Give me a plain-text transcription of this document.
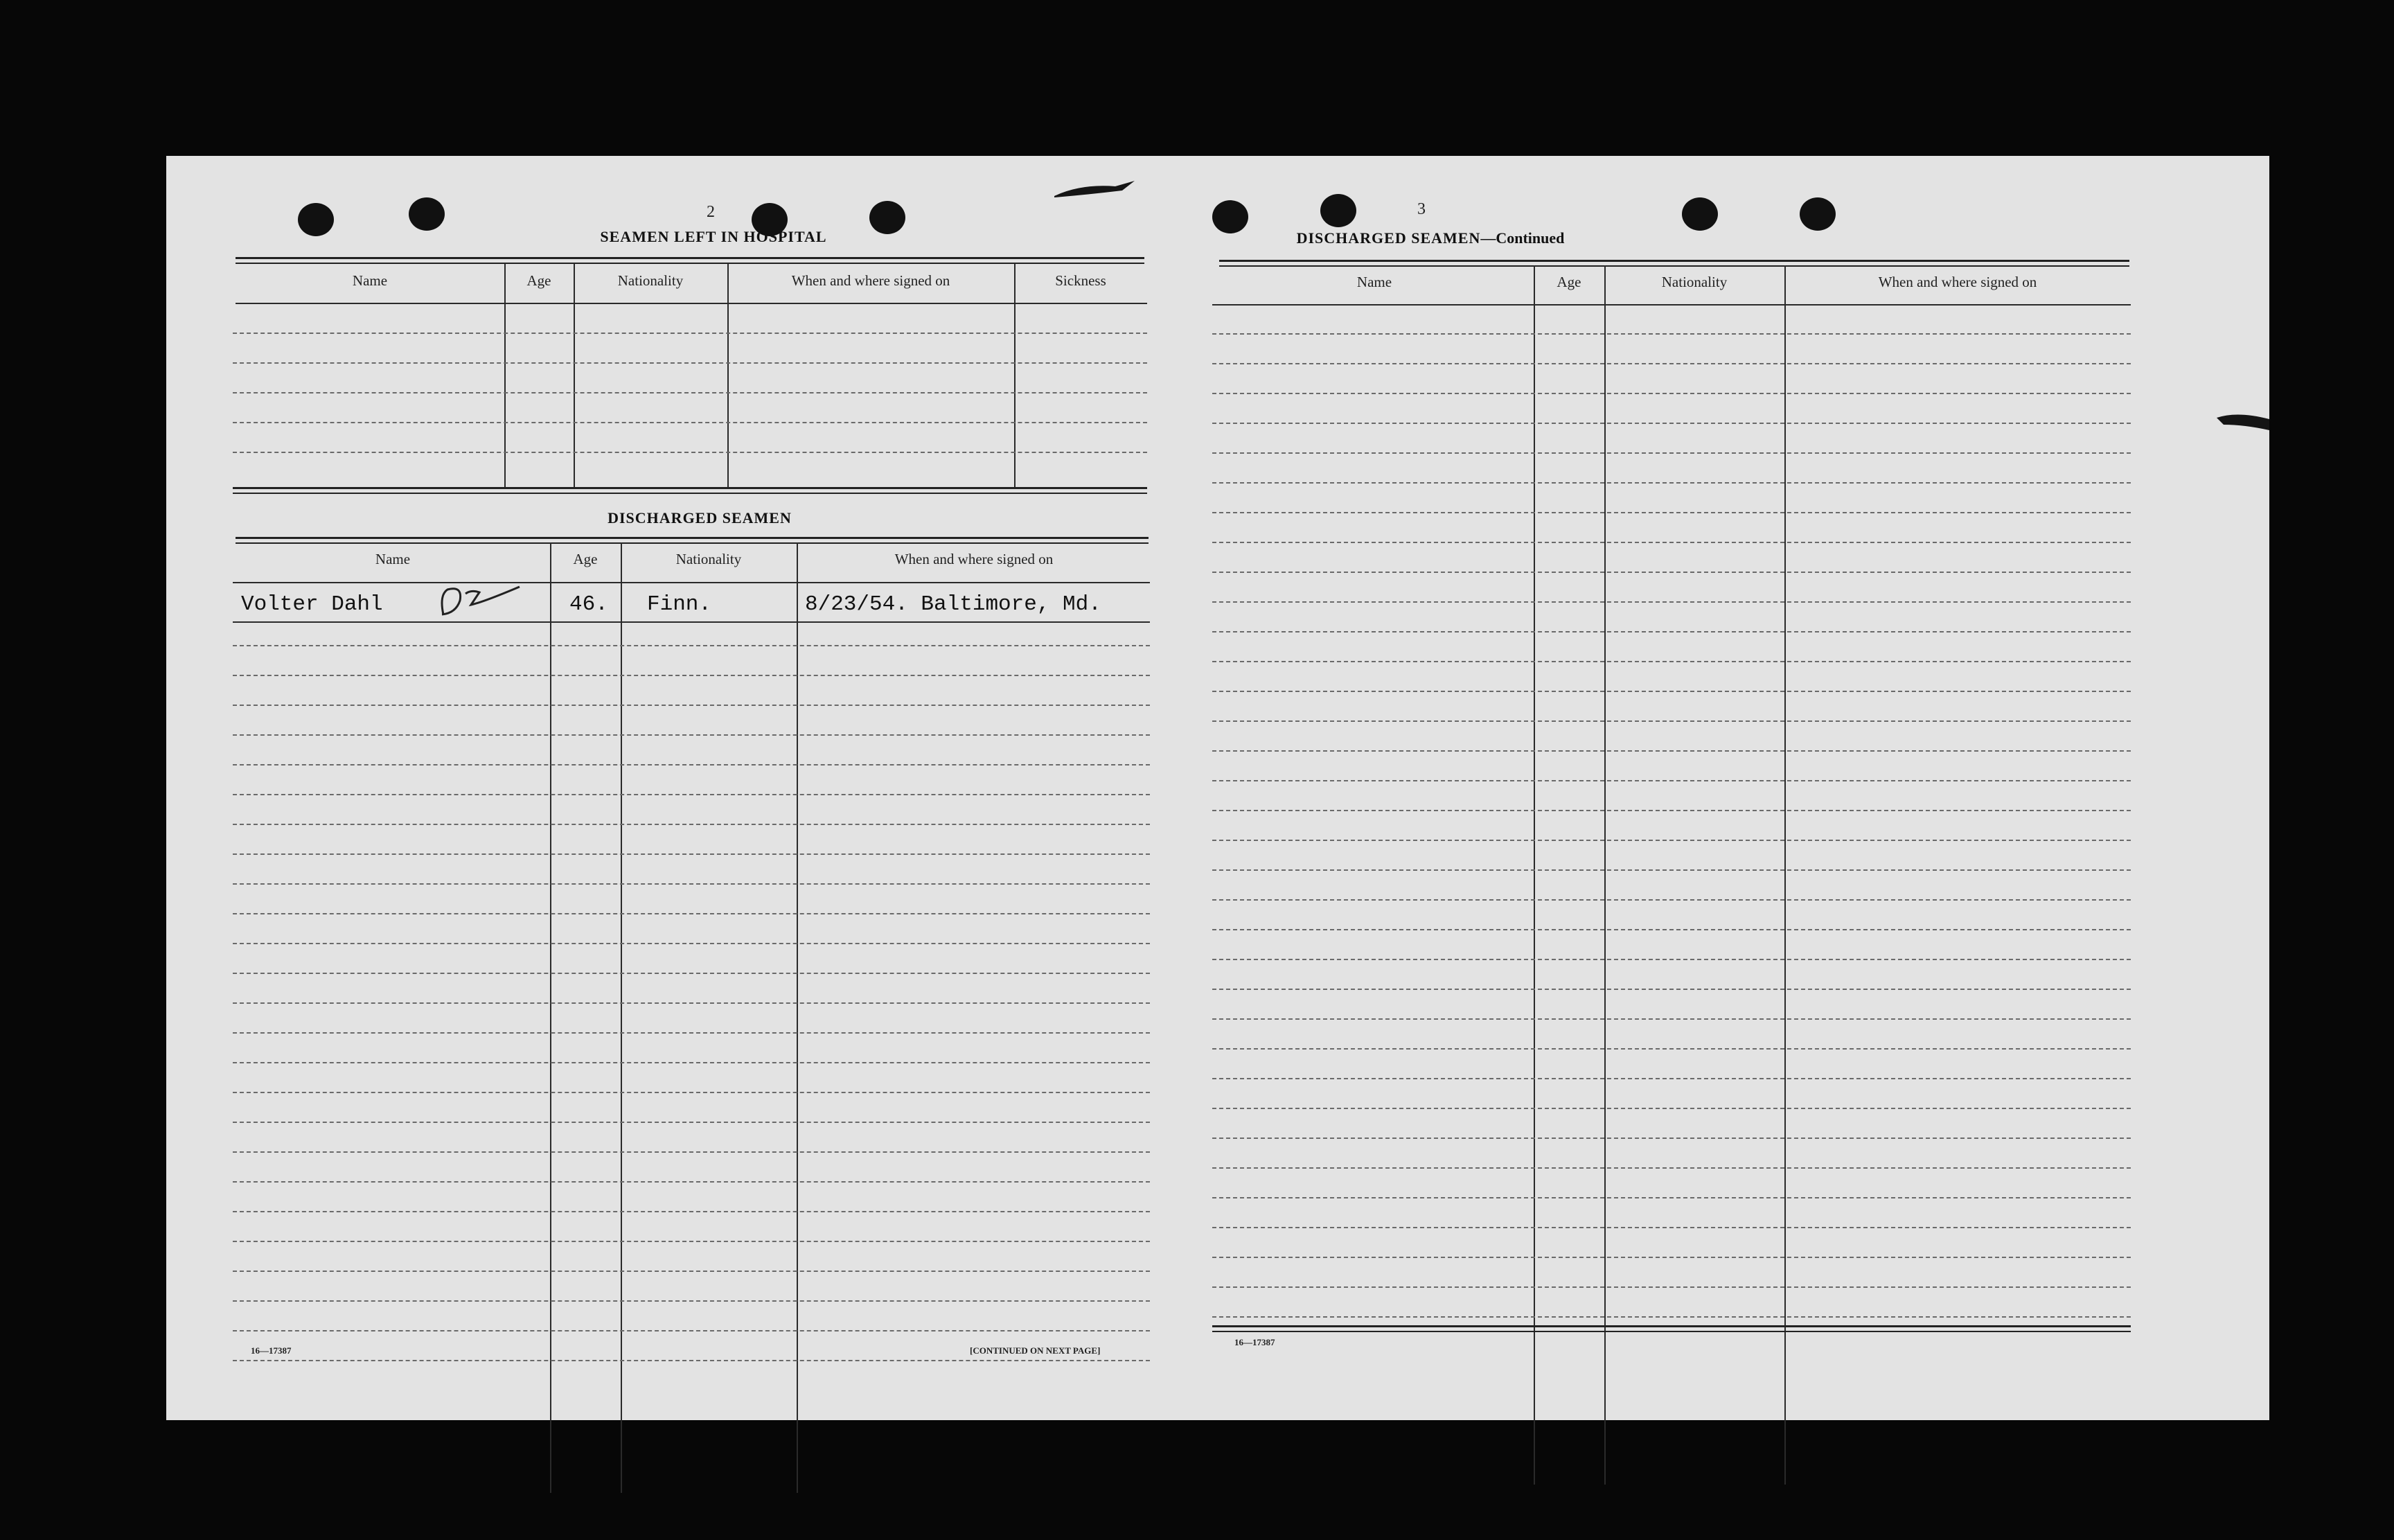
2
SEAMEN LEFT IN HOSPITAL
Name	Age	Nationality	When and where signed on	Sickness
DISCHARGED SEAMEN
Name	Age	Nationality	When and where signed on
Volter Dahl	46. Finn.	8/23/54. Baltimore, Md.
16—17387	[CONTINUED ON NEXT PAGE]
3
DISCHARGED SEAMEN—Continued
Name	Age	Nationality	When and where signed on
16—17387
